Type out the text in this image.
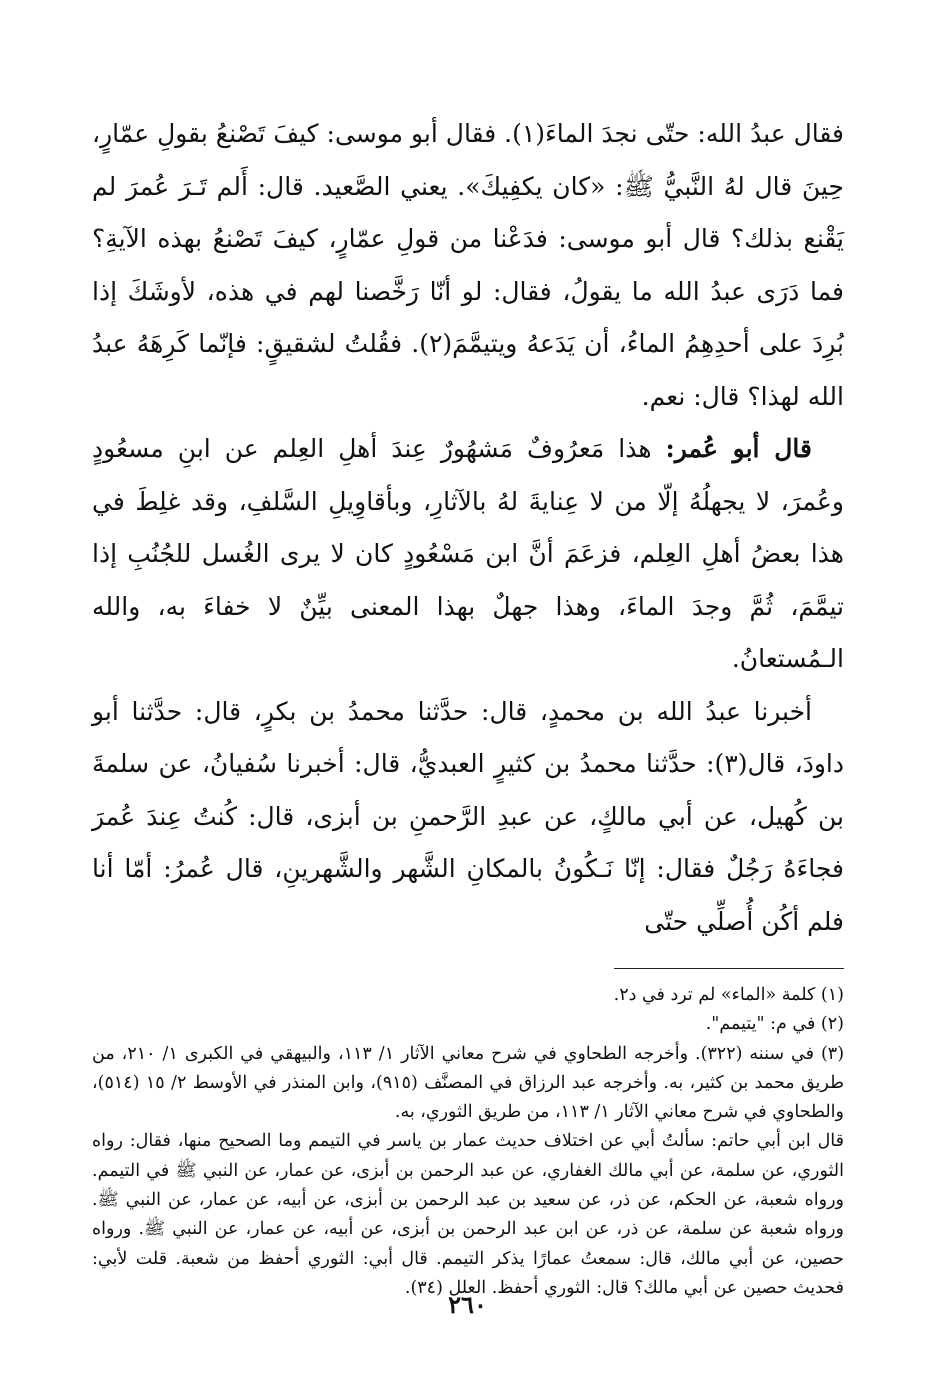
فقال عبدُ الله: حتّى نجدَ الماءَ(١). فقال أبو موسى: كيفَ تَصْنعُ بقولِ عمّارٍ، حِينَ قال لهُ النَّبيُّ ﷺ: «كان يكفِيكَ». يعني الصَّعيد. قال: أَلم تَـرَ عُمرَ لم يَقْنع بذلك؟ قال أبو موسى: فدَعْنا من قولِ عمّارٍ، كيفَ تَصْنعُ بهذه الآيةِ؟ فما دَرَى عبدُ الله ما يقولُ، فقال: لو أنّا رَخَّصنا لهم في هذه، لأوشَكَ إذا بُرِدَ على أحدِهِمُ الماءُ، أن يَدَعهُ ويتيمَّمَ(٢). فقُلتُ لشقيقٍ: فإنّما كَرِهَهُ عبدُ الله لهذا؟ قال: نعم.

قال أبو عُمر: هذا مَعرُوفٌ مَشهُورٌ عِندَ أهلِ العِلم عن ابنِ مسعُودٍ وعُمرَ، لا يجهلُهُ إلّا من لا عِنايةَ لهُ بالآثارِ، وبأقاوِيلِ السَّلفِ، وقد غلِطَ في هذا بعضُ أهلِ العِلم، فزعَمَ أنَّ ابن مَسْعُودٍ كان لا يرى الغُسل للجُنُبِ إذا تيمَّمَ، ثُمَّ وجدَ الماءَ، وهذا جهلٌ بهذا المعنى بيِّنٌ لا خفاءَ به، والله الـمُستعانُ.

أخبرنا عبدُ الله بن محمدٍ، قال: حدَّثنا محمدُ بن بكرٍ، قال: حدَّثنا أبو داودَ، قال(٣): حدَّثنا محمدُ بن كثيرٍ العبديُّ، قال: أخبرنا سُفيانُ، عن سلمةَ بن كُهيل، عن أبي مالكٍ، عن عبدِ الرَّحمنِ بن أبزى، قال: كُنتُ عِندَ عُمرَ فجاءَهُ رَجُلٌ فقال: إنّا نَـكُونُ بالمكانِ الشَّهر والشَّهرينِ، قال عُمرُ: أمّا أنا فلم أكُن أُصلِّي حتّى

(١) كلمة «الماء» لم ترد في د٢.

(٢) في م: "يتيمم".

(٣) في سننه (٣٢٢). وأخرجه الطحاوي في شرح معاني الآثار ١/ ١١٣، والبيهقي في الكبرى ١/ ٢١٠، من طريق محمد بن كثير، به. وأخرجه عبد الرزاق في المصنَّف (٩١٥)، وابن المنذر في الأوسط ٢/ ١٥ (٥١٤)، والطحاوي في شرح معاني الآثار ١/ ١١٣، من طريق الثوري، به.

قال ابن أبي حاتم: سألتُ أبي عن اختلاف حديث عمار بن ياسر في التيمم وما الصحيح منها، فقال: رواه الثوري، عن سلمة، عن أبي مالك الغفاري، عن عبد الرحمن بن أبزى، عن عمار، عن النبي ﷺ في التيمم. ورواه شعبة، عن الحكم، عن ذر، عن سعيد بن عبد الرحمن بن أبزى، عن أبيه، عن عمار، عن النبي ﷺ. ورواه شعبة عن سلمة، عن ذر، عن ابن عبد الرحمن بن أبزى، عن أبيه، عن عمار، عن النبي ﷺ. ورواه حصين، عن أبي مالك، قال: سمعتُ عمارًا يذكر التيمم. قال أبي: الثوري أحفظ من شعبة. قلت لأبي: فحديث حصين عن أبي مالك؟ قال: الثوري أحفظ. العلل (٣٤).

٢٦٠
